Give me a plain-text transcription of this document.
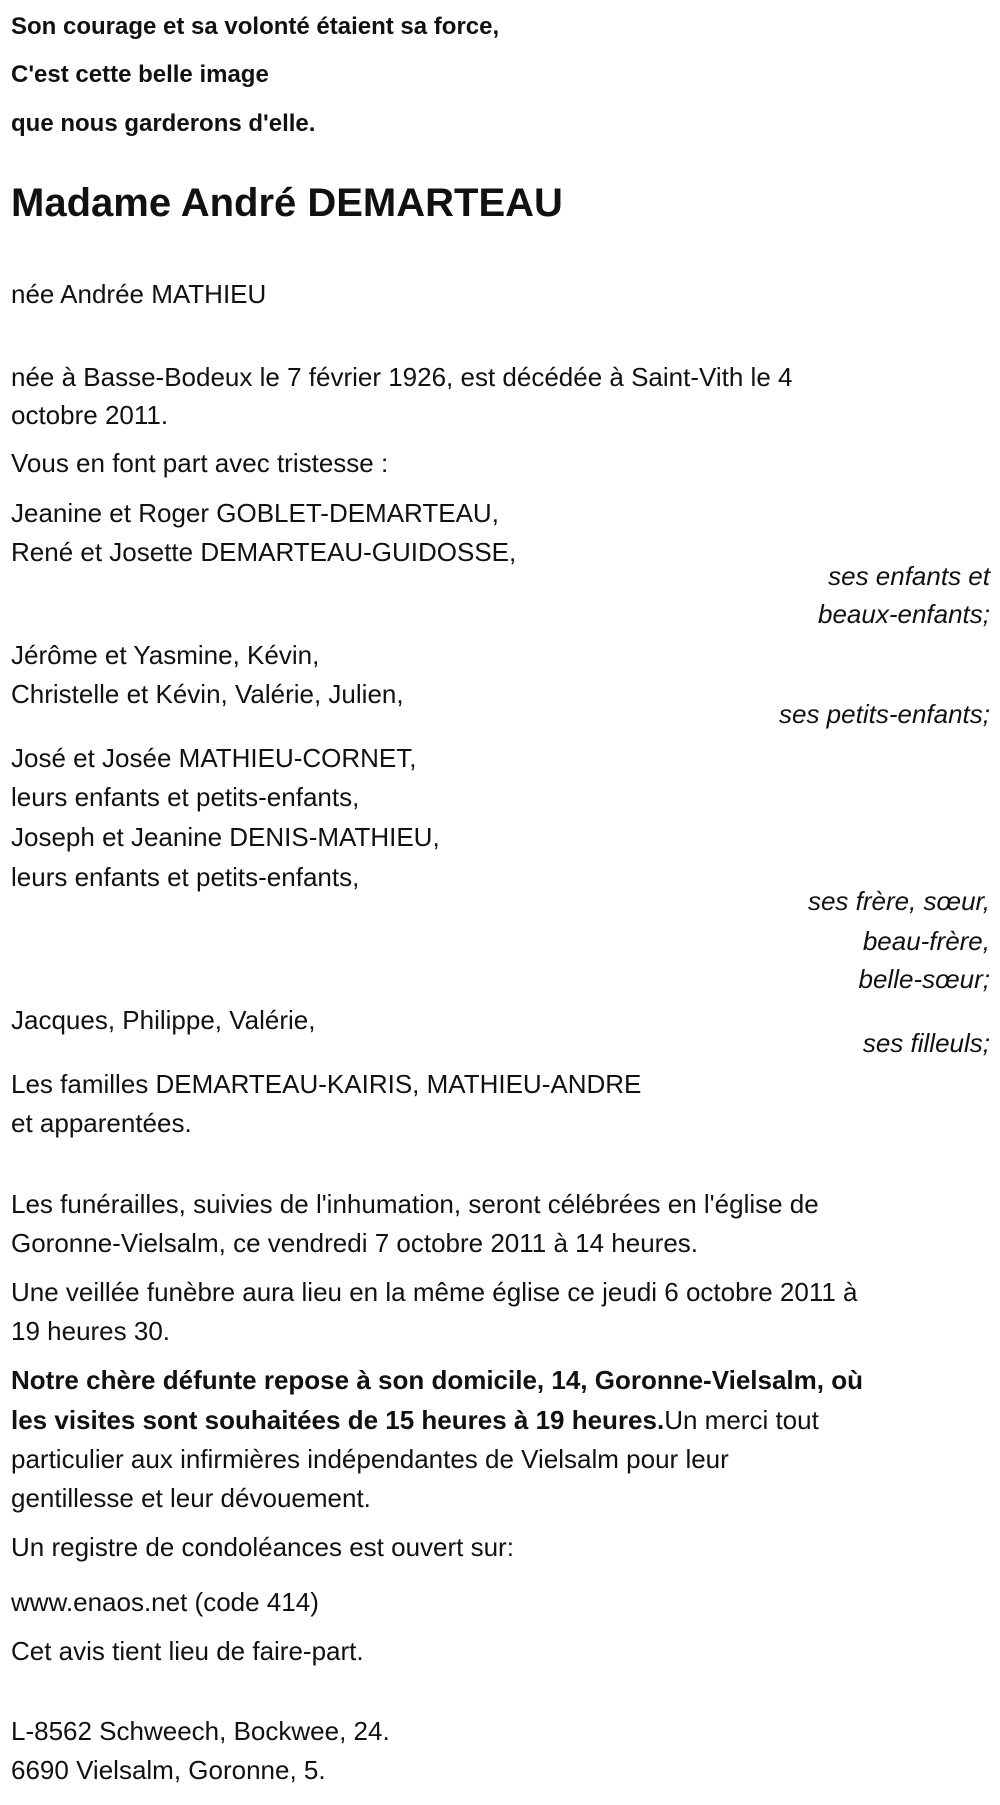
Son courage et sa volonté étaient sa force,
C'est cette belle image
que nous garderons d'elle.
Madame André DEMARTEAU
née Andrée MATHIEU
née à Basse-Bodeux le 7 février 1926, est décédée à Saint-Vith le 4
octobre 2011.
Vous en font part avec tristesse :
Jeanine et Roger GOBLET-DEMARTEAU,
René et Josette DEMARTEAU-GUIDOSSE,
ses enfants et
beaux-enfants;
Jérôme et Yasmine, Kévin,
Christelle et Kévin, Valérie, Julien,
ses petits-enfants;
José et Josée MATHIEU-CORNET,
leurs enfants et petits-enfants,
Joseph et Jeanine DENIS-MATHIEU,
leurs enfants et petits-enfants,
ses frère, sœur,
beau-frère,
belle-sœur;
Jacques, Philippe, Valérie,
ses filleuls;
Les familles DEMARTEAU-KAIRIS, MATHIEU-ANDRE
et apparentées.
Les funérailles, suivies de l'inhumation, seront célébrées en l'église de
Goronne-Vielsalm, ce vendredi 7 octobre 2011 à 14 heures.
Une veillée funèbre aura lieu en la même église ce jeudi 6 octobre 2011 à
19 heures 30.
Notre chère défunte repose à son domicile, 14, Goronne-Vielsalm, où
les visites sont souhaitées de 15 heures à 19 heures.Un merci tout
particulier aux infirmières indépendantes de Vielsalm pour leur
gentillesse et leur dévouement.
Un registre de condoléances est ouvert sur:
www.enaos.net (code 414)
Cet avis tient lieu de faire-part.
L-8562 Schweech, Bockwee, 24.
6690 Vielsalm, Goronne, 5.
